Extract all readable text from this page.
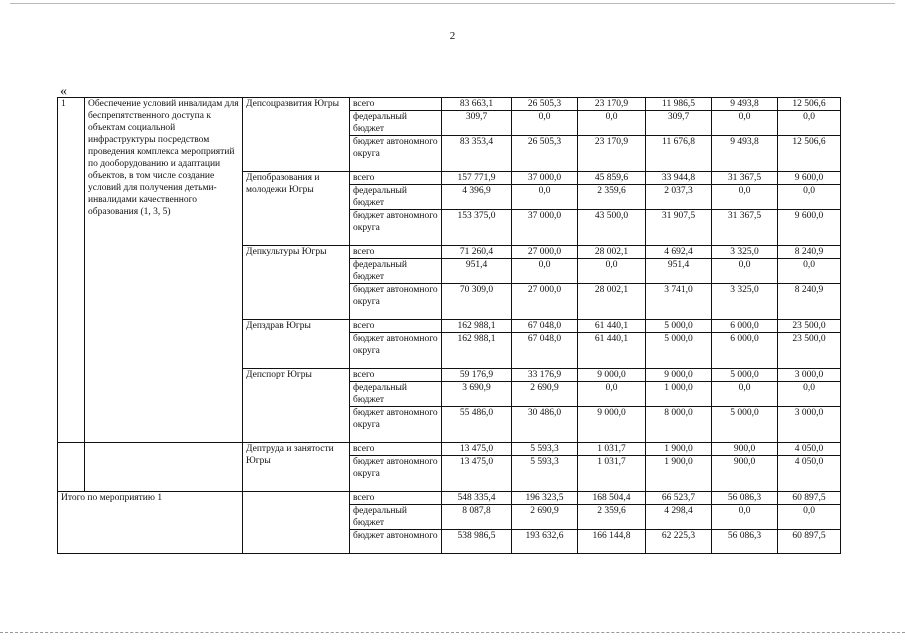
2
«
1	Обеспечение условий инвалидам для беспрепятственного доступа к объектам социальной инфраструктуры посредством проведения комплекса мероприятий по дооборудованию и адаптации объектов, в том числе создание условий для получения детьми-инвалидами качественного образования (1, 3, 5)	Депсоцразвития Югры	всего	83 663,1	26 505,3	23 170,9	11 986,5	9 493,8	12 506,6
			федеральный бюджет	309,7	0,0	0,0	309,7	0,0	0,0
			бюджет автономного округа	83 353,4	26 505,3	23 170,9	11 676,8	9 493,8	12 506,6
		Депобразования и молодежи Югры	всего	157 771,9	37 000,0	45 859,6	33 944,8	31 367,5	9 600,0
			федеральный бюджет	4 396,9	0,0	2 359,6	2 037,3	0,0	0,0
			бюджет автономного округа	153 375,0	37 000,0	43 500,0	31 907,5	31 367,5	9 600,0
		Депкультуры Югры	всего	71 260,4	27 000,0	28 002,1	4 692,4	3 325,0	8 240,9
			федеральный бюджет	951,4	0,0	0,0	951,4	0,0	0,0
			бюджет автономного округа	70 309,0	27 000,0	28 002,1	3 741,0	3 325,0	8 240,9
		Депздрав Югры	всего	162 988,1	67 048,0	61 440,1	5 000,0	6 000,0	23 500,0
			бюджет автономного округа	162 988,1	67 048,0	61 440,1	5 000,0	6 000,0	23 500,0
		Депспорт Югры	всего	59 176,9	33 176,9	9 000,0	9 000,0	5 000,0	3 000,0
			федеральный бюджет	3 690,9	2 690,9	0,0	1 000,0	0,0	0,0
			бюджет автономного округа	55 486,0	30 486,0	9 000,0	8 000,0	5 000,0	3 000,0
		Дептруда и занятости Югры	всего	13 475,0	5 593,3	1 031,7	1 900,0	900,0	4 050,0
			бюджет автономного округа	13 475,0	5 593,3	1 031,7	1 900,0	900,0	4 050,0
Итого по мероприятию 1			всего	548 335,4	196 323,5	168 504,4	66 523,7	56 086,3	60 897,5
			федеральный бюджет	8 087,8	2 690,9	2 359,6	4 298,4	0,0	0,0
			бюджет автономного	538 986,5	193 632,6	166 144,8	62 225,3	56 086,3	60 897,5
